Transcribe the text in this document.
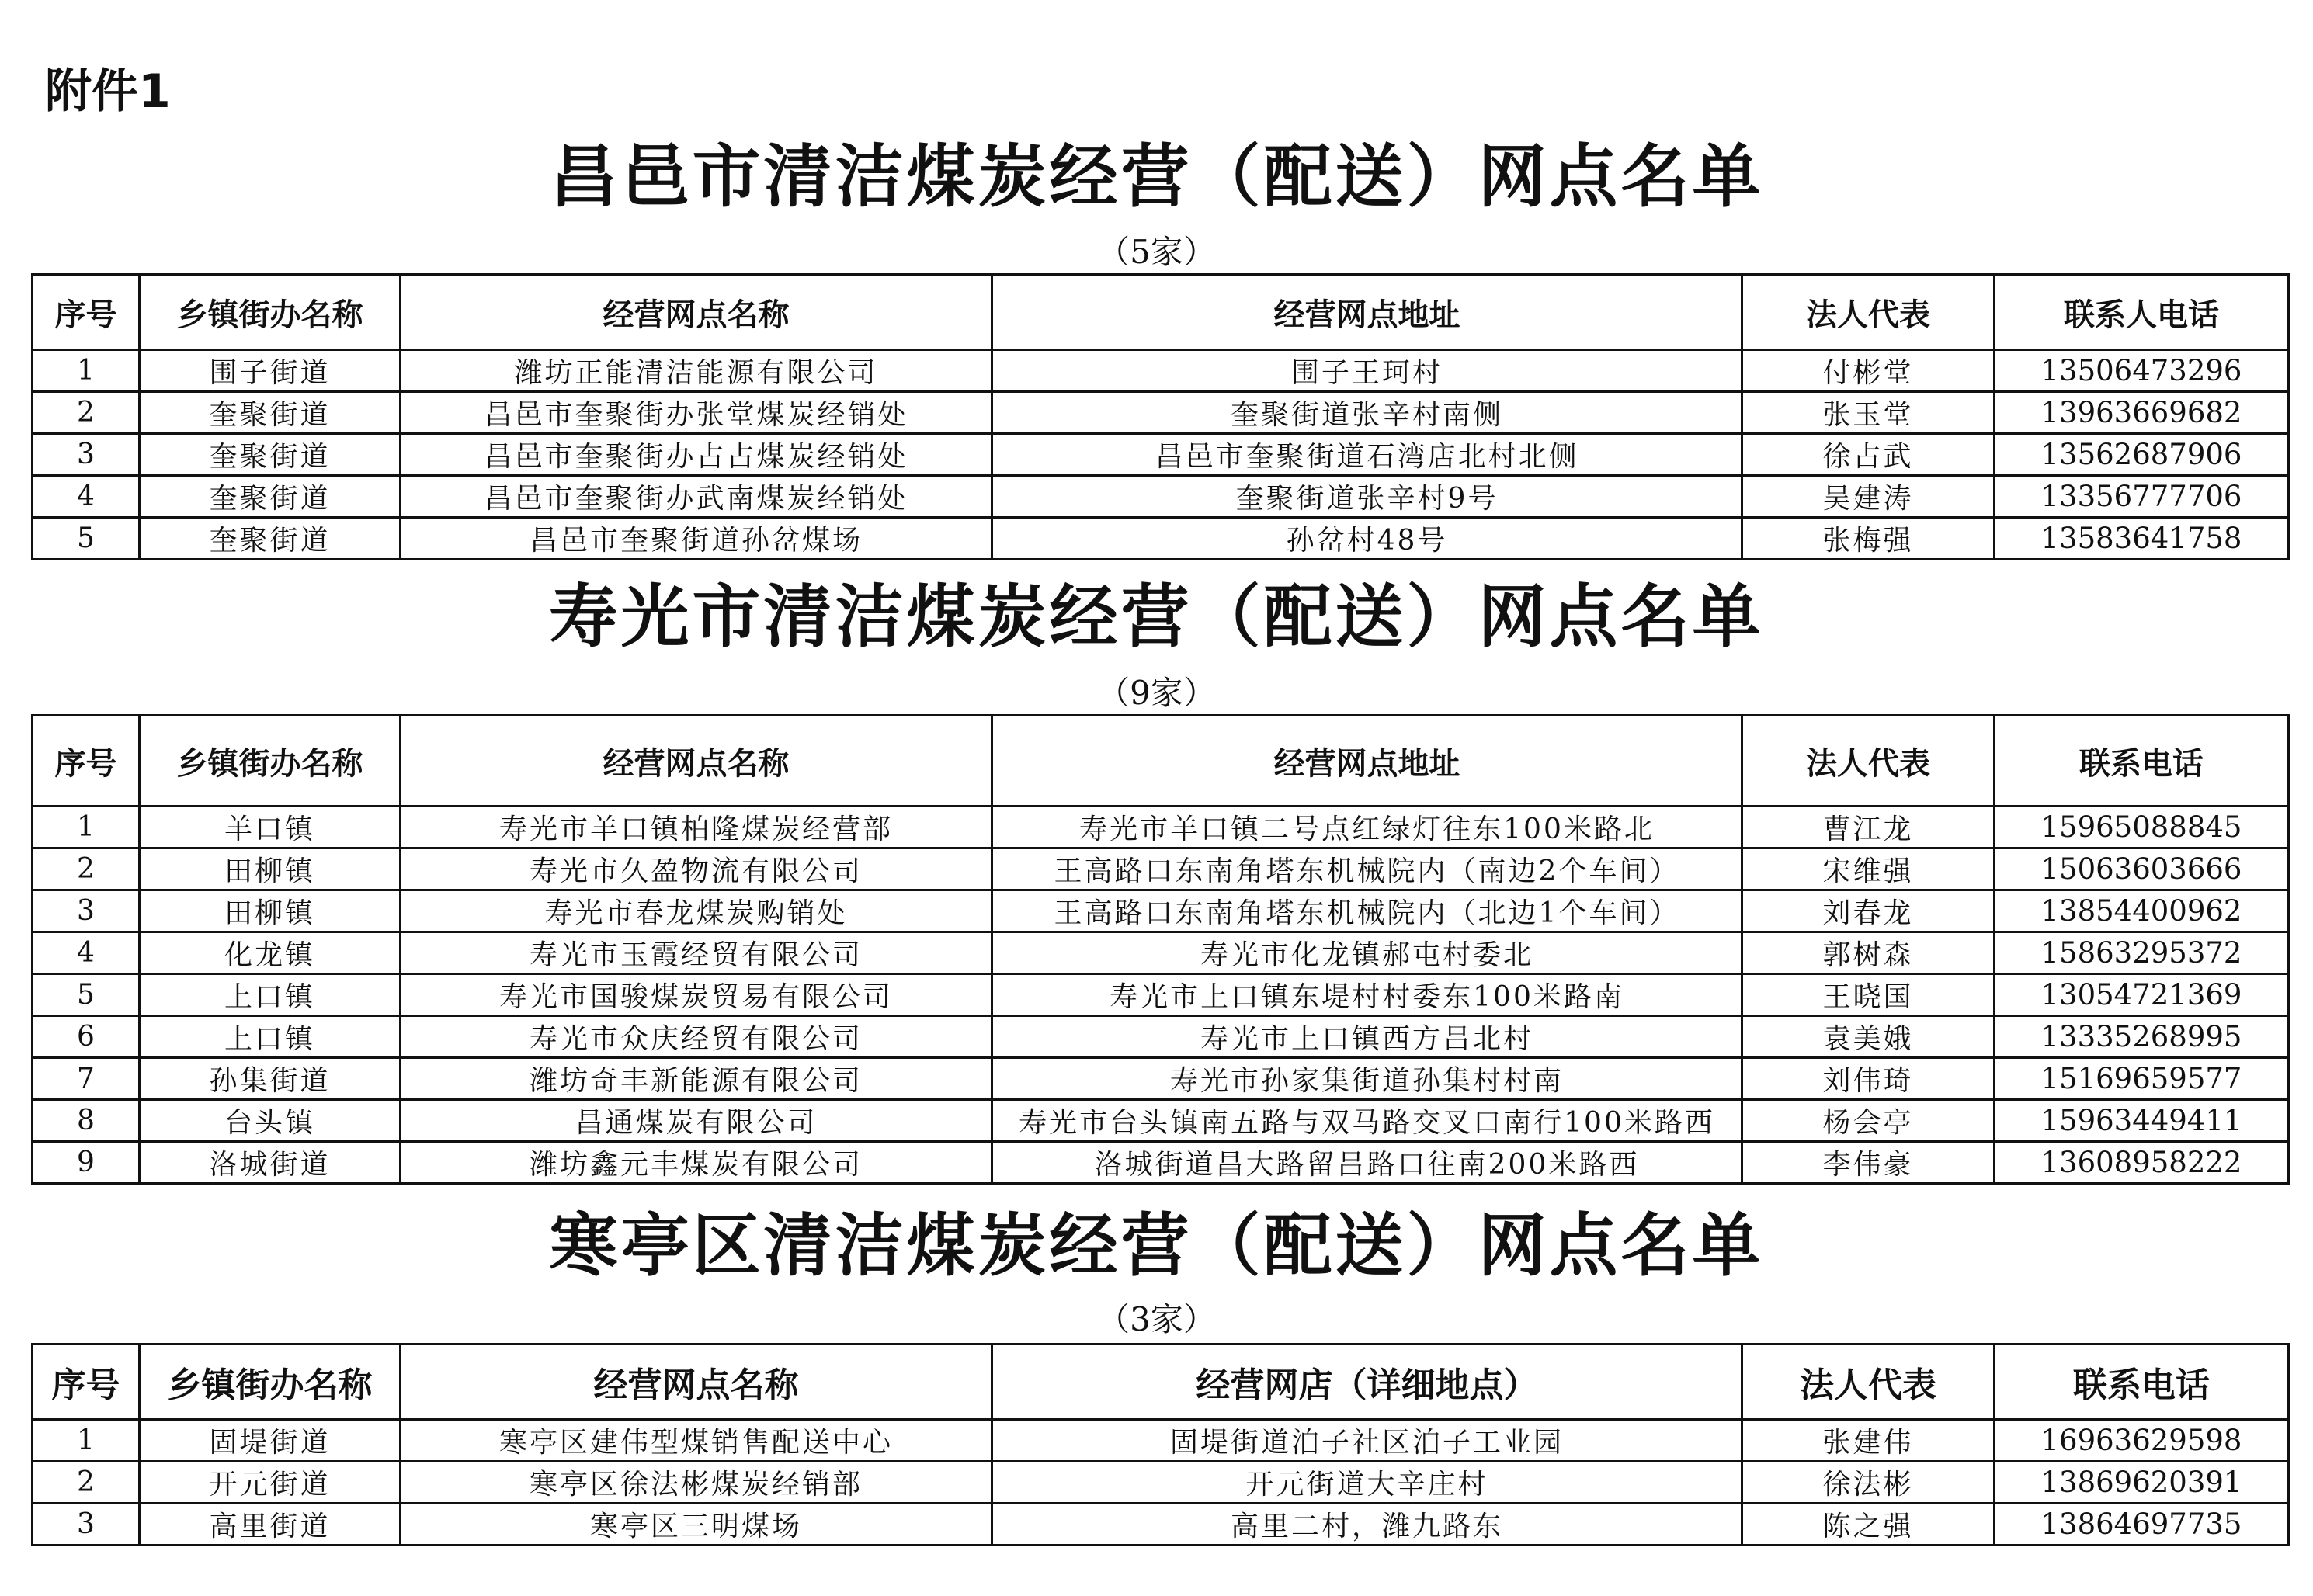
附件1
昌邑市清洁煤炭经营（配送）网点名单
（5家）
序号	乡镇街办名称	经营网点名称	经营网点地址	法人代表	联系人电话
1	围子街道	潍坊正能清洁能源有限公司	围子王珂村	付彬堂	13506473296
2	奎聚街道	昌邑市奎聚街办张堂煤炭经销处	奎聚街道张辛村南侧	张玉堂	13963669682
3	奎聚街道	昌邑市奎聚街办占占煤炭经销处	昌邑市奎聚街道石湾店北村北侧	徐占武	13562687906
4	奎聚街道	昌邑市奎聚街办武南煤炭经销处	奎聚街道张辛村9号	吴建涛	13356777706
5	奎聚街道	昌邑市奎聚街道孙岔煤场	孙岔村48号	张梅强	13583641758
寿光市清洁煤炭经营（配送）网点名单
（9家）
序号	乡镇街办名称	经营网点名称	经营网点地址	法人代表	联系电话
1	羊口镇	寿光市羊口镇柏隆煤炭经营部	寿光市羊口镇二号点红绿灯往东100米路北	曹江龙	15965088845
2	田柳镇	寿光市久盈物流有限公司	王高路口东南角塔东机械院内（南边2个车间）	宋维强	15063603666
3	田柳镇	寿光市春龙煤炭购销处	王高路口东南角塔东机械院内（北边1个车间）	刘春龙	13854400962
4	化龙镇	寿光市玉霞经贸有限公司	寿光市化龙镇郝屯村委北	郭树森	15863295372
5	上口镇	寿光市国骏煤炭贸易有限公司	寿光市上口镇东堤村村委东100米路南	王晓国	13054721369
6	上口镇	寿光市众庆经贸有限公司	寿光市上口镇西方吕北村	袁美娥	13335268995
7	孙集街道	潍坊奇丰新能源有限公司	寿光市孙家集街道孙集村村南	刘伟琦	15169659577
8	台头镇	昌通煤炭有限公司	寿光市台头镇南五路与双马路交叉口南行100米路西	杨会亭	15963449411
9	洛城街道	潍坊鑫元丰煤炭有限公司	洛城街道昌大路留吕路口往南200米路西	李伟豪	13608958222
寒亭区清洁煤炭经营（配送）网点名单
（3家）
序号	乡镇街办名称	经营网点名称	经营网店（详细地点）	法人代表	联系电话
1	固堤街道	寒亭区建伟型煤销售配送中心	固堤街道泊子社区泊子工业园	张建伟	16963629598
2	开元街道	寒亭区徐法彬煤炭经销部	开元街道大辛庄村	徐法彬	13869620391
3	高里街道	寒亭区三明煤场	高里二村，潍九路东	陈之强	13864697735
